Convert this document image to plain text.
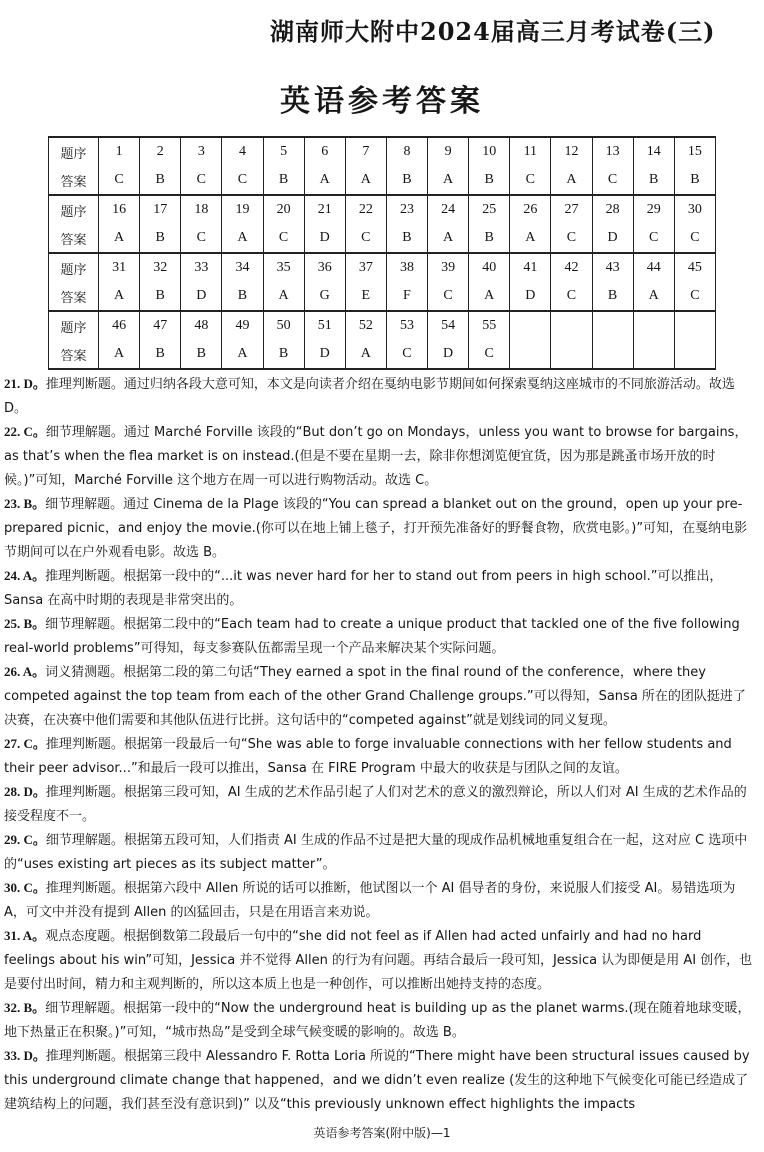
湖南师大附中2024届高三月考试卷(三)
英语参考答案
题序	1	2	3	4	5	6	7	8	9	10	11	12	13	14	15
答案	C	B	C	C	B	A	A	B	A	B	C	A	C	B	B
题序	16	17	18	19	20	21	22	23	24	25	26	27	28	29	30
答案	A	B	C	A	C	D	C	B	A	B	A	C	D	C	C
题序	31	32	33	34	35	36	37	38	39	40	41	42	43	44	45
答案	A	B	D	B	A	G	E	F	C	A	D	C	B	A	C
题序	46	47	48	49	50	51	52	53	54	55					
答案	A	B	B	A	B	D	A	C	D	C					
21. D。推理判断题。通过归纳各段大意可知，本文是向读者介绍在戛纳电影节期间如何探索戛纳这座城市的不同旅游活动。故选 D。
22. C。细节理解题。通过 Marché Forville 该段的“But don’t go on Mondays，unless you want to browse for bargains，as that’s when the flea market is on instead.(但是不要在星期一去，除非你想浏览便宜货，因为那是跳蚤市场开放的时候。)”可知，Marché Forville 这个地方在周一可以进行购物活动。故选 C。
23. B。细节理解题。通过 Cinema de la Plage 该段的“You can spread a blanket out on the ground，open up your pre-prepared picnic，and enjoy the movie.(你可以在地上铺上毯子，打开预先准备好的野餐食物，欣赏电影。)”可知，在戛纳电影节期间可以在户外观看电影。故选 B。
24. A。推理判断题。根据第一段中的“...it was never hard for her to stand out from peers in high school.”可以推出，Sansa 在高中时期的表现是非常突出的。
25. B。细节理解题。根据第二段中的“Each team had to create a unique product that tackled one of the five following real-world problems”可得知，每支参赛队伍都需呈现一个产品来解决某个实际问题。
26. A。词义猜测题。根据第二段的第二句话“They earned a spot in the final round of the conference，where they competed against the top team from each of the other Grand Challenge groups.”可以得知，Sansa 所在的团队挺进了决赛，在决赛中他们需要和其他队伍进行比拼。这句话中的“competed against”就是划线词的同义复现。
27. C。推理判断题。根据第一段最后一句“She was able to forge invaluable connections with her fellow students and their peer advisor...”和最后一段可以推出，Sansa 在 FIRE Program 中最大的收获是与团队之间的友谊。
28. D。推理判断题。根据第三段可知，AI 生成的艺术作品引起了人们对艺术的意义的激烈辩论，所以人们对 AI 生成的艺术作品的接受程度不一。
29. C。细节理解题。根据第五段可知，人们指责 AI 生成的作品不过是把大量的现成作品机械地重复组合在一起，这对应 C 选项中的“uses existing art pieces as its subject matter”。
30. C。推理判断题。根据第六段中 Allen 所说的话可以推断，他试图以一个 AI 倡导者的身份，来说服人们接受 AI。易错选项为 A，可文中并没有提到 Allen 的凶猛回击，只是在用语言来劝说。
31. A。观点态度题。根据倒数第二段最后一句中的“she did not feel as if Allen had acted unfairly and had no hard feelings about his win”可知，Jessica 并不觉得 Allen 的行为有问题。再结合最后一段可知，Jessica 认为即便是用 AI 创作，也是要付出时间，精力和主观判断的，所以这本质上也是一种创作，可以推断出她持支持的态度。
32. B。细节理解题。根据第一段中的“Now the underground heat is building up as the planet warms.(现在随着地球变暖，地下热量正在积聚。)”可知，“城市热岛”是受到全球气候变暖的影响的。故选 B。
33. D。推理判断题。根据第三段中 Alessandro F. Rotta Loria 所说的“There might have been structural issues caused by this underground climate change that happened，and we didn’t even realize (发生的这种地下气候变化可能已经造成了建筑结构上的问题，我们甚至没有意识到)” 以及“this previously unknown effect highlights the impacts
英语参考答案(附中版)—1
